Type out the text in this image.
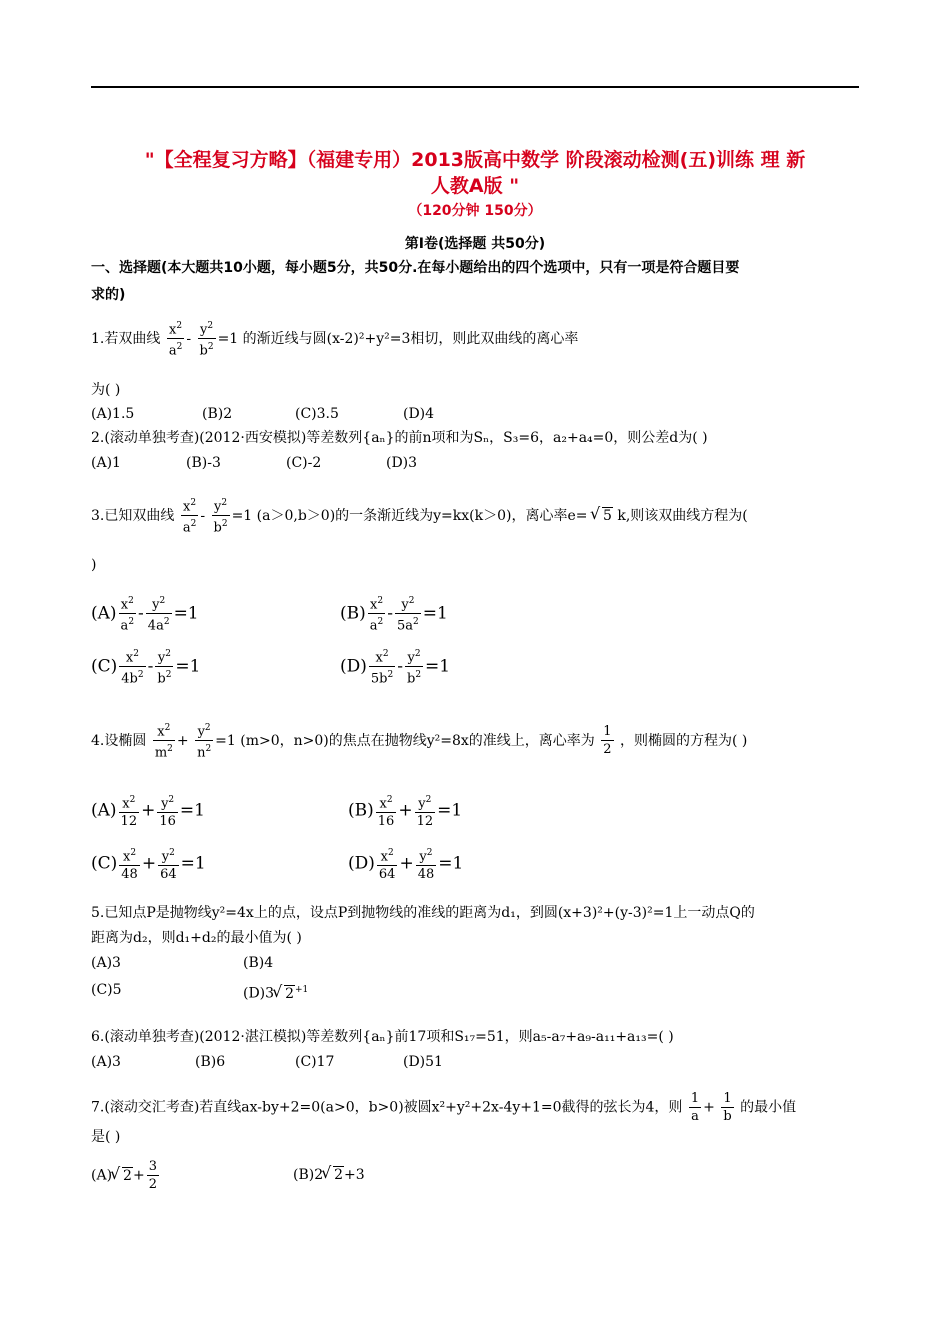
"【全程复习方略】（福建专用）2013版高中数学 阶段滚动检测(五)训练 理 新
人教A版 "
（120分钟 150分）
第Ⅰ卷(选择题 共50分)
一、选择题(本大题共10小题，每小题5分，共50分.在每小题给出的四个选项中，只有一项是符合题目要
求的)
1.若双曲线 $\frac{x^2}{a^2} - \frac{y^2}{b^2} =1$ 的渐近线与圆(x-2)²+y²=3相切，则此双曲线的离心率
为( )
(A)1.5	(B)2	(C)3.5	(D)4
2.(滚动单独考查)(2012·西安模拟)等差数列{aₙ}的前n项和为Sₙ，S₃=6，a₂+a₄=0，则公差d为( )
(A)1	(B)-3	(C)-2	(D)3
3.已知双曲线 $\frac{x^2}{a^2} - \frac{y^2}{b^2} =1$ (a＞0,b＞0)的一条渐近线为y=kx(k＞0)，离心率e= √ 5 k,则该双曲线方程为(
)
$(A) \frac{x^2}{a^2} - \frac{y^2}{4a^2} =1$	$(B) \frac{x^2}{a^2} - \frac{y^2}{5a^2} =1$
$(C) \frac{x^2}{4b^2} - \frac{y^2}{b^2} =1$	$(D) \frac{x^2}{5b^2} - \frac{y^2}{b^2} =1$
4.设椭圆 $\frac{x^2}{m^2} + \frac{y^2}{n^2} =1$ (m>0，n>0)的焦点在抛物线y²=8x的准线上，离心率为 $\frac{1}{2}$ ，则椭圆的方程为( )
$(A) \frac{x^2}{12} + \frac{y^2}{16} =1$	$(B) \frac{x^2}{16} + \frac{y^2}{12} =1$
$(C) \frac{x^2}{48} + \frac{y^2}{64} =1$	$(D) \frac{x^2}{64} + \frac{y^2}{48} =1$
5.已知点P是抛物线y²=4x上的点，设点P到抛物线的准线的距离为d₁，到圆(x+3)²+(y-3)²=1上一动点Q的
距离为d₂，则d₁+d₂的最小值为( )
(A)3	(B)4
(C)5	(D)3 √ $2^{+1}$
6.(滚动单独考查)(2012·湛江模拟)等差数列{aₙ}前17项和S₁₇=51，则a₅-a₇+a₉-a₁₁+a₁₃=( )
(A)3	(B)6	(C)17	(D)51
7.(滚动交汇考查)若直线ax-by+2=0(a>0，b>0)被圆x²+y²+2x-4y+1=0截得的弦长为4，则 $\frac{1}{a} + \frac{1}{b}$ 的最小值
是( )
(A) √ $2+ \frac{3}{2}$	(B)2 √ 2+3
